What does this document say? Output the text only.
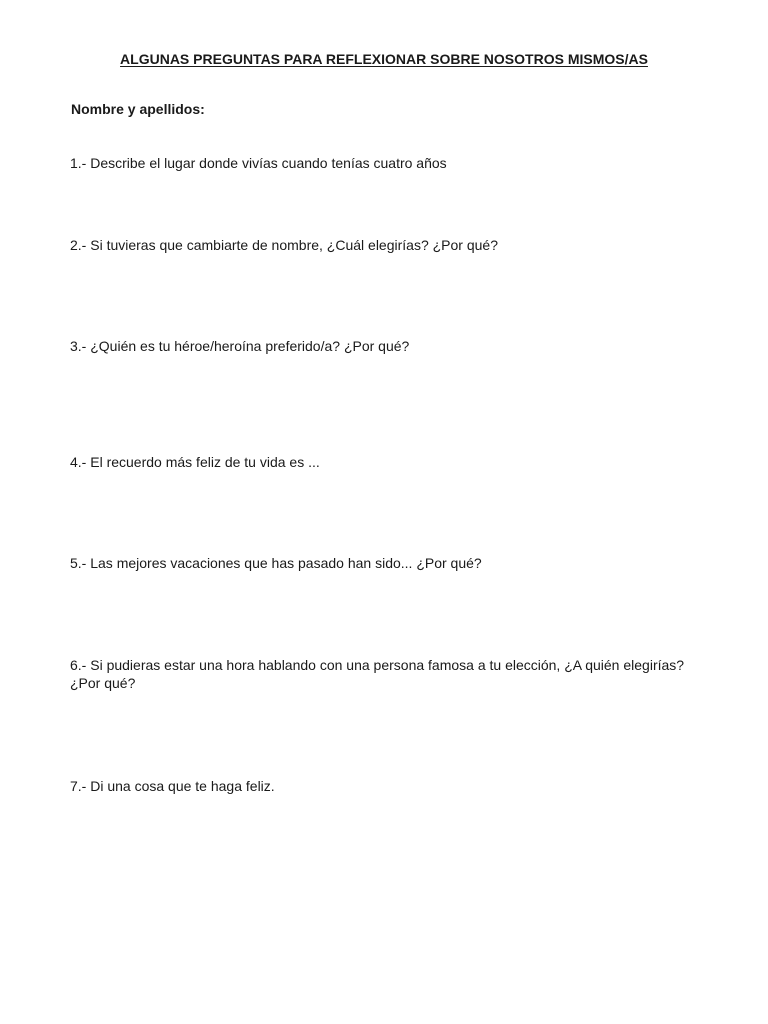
ALGUNAS PREGUNTAS PARA REFLEXIONAR SOBRE NOSOTROS MISMOS/AS
Nombre y apellidos:
1.- Describe el lugar donde vivías cuando tenías cuatro años
2.- Si tuvieras que cambiarte de nombre, ¿Cuál elegirías? ¿Por qué?
3.- ¿Quién es tu héroe/heroína preferido/a? ¿Por qué?
4.- El recuerdo más feliz de tu vida es ...
5.- Las mejores vacaciones que has pasado han sido... ¿Por qué?
6.- Si pudieras estar una hora hablando con una persona famosa a tu elección, ¿A quién elegirías? ¿Por qué?
7.- Di una cosa que te haga feliz.
